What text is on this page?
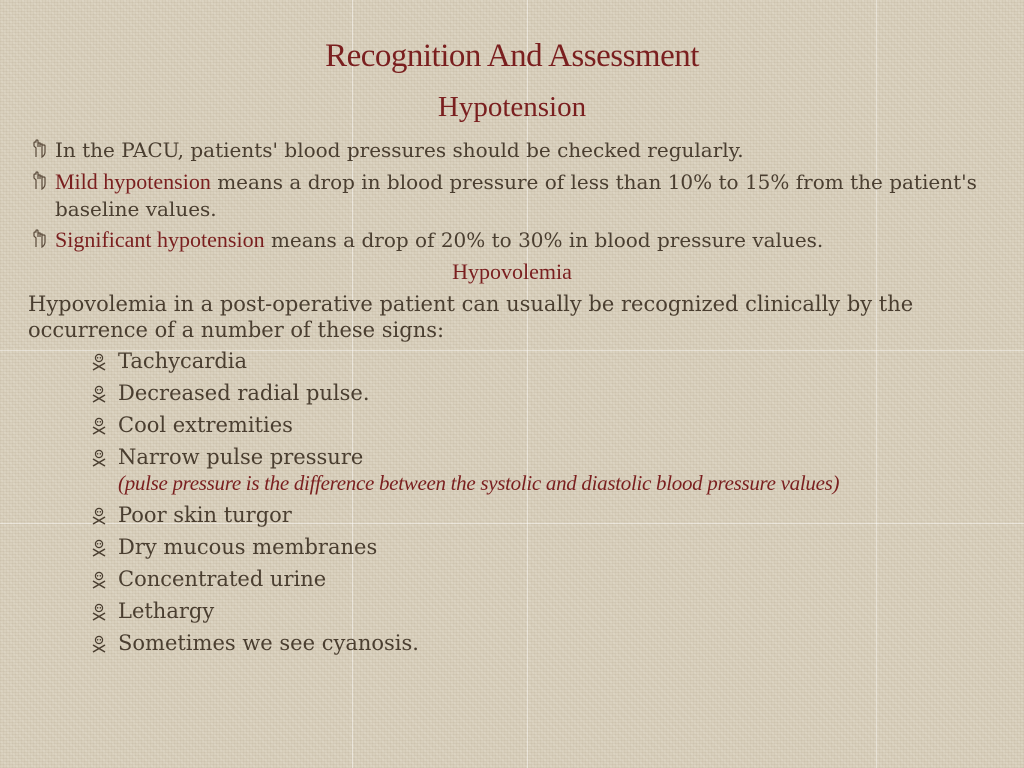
Recognition And Assessment
Hypotension
In the PACU, patients' blood pressures should be checked regularly.
Mild hypotension means a drop in blood pressure of less than 10% to 15% from the patient's baseline values.
Significant hypotension means a drop of 20% to 30% in blood pressure values.
Hypovolemia
Hypovolemia in a post-operative patient can usually be recognized clinically by the occurrence of a number of these signs:
Tachycardia
Decreased radial pulse.
Cool extremities
Narrow pulse pressure
(pulse pressure is the difference between the systolic and diastolic blood pressure values)
Poor skin turgor
Dry mucous membranes
Concentrated urine
Lethargy
Sometimes we see cyanosis.
